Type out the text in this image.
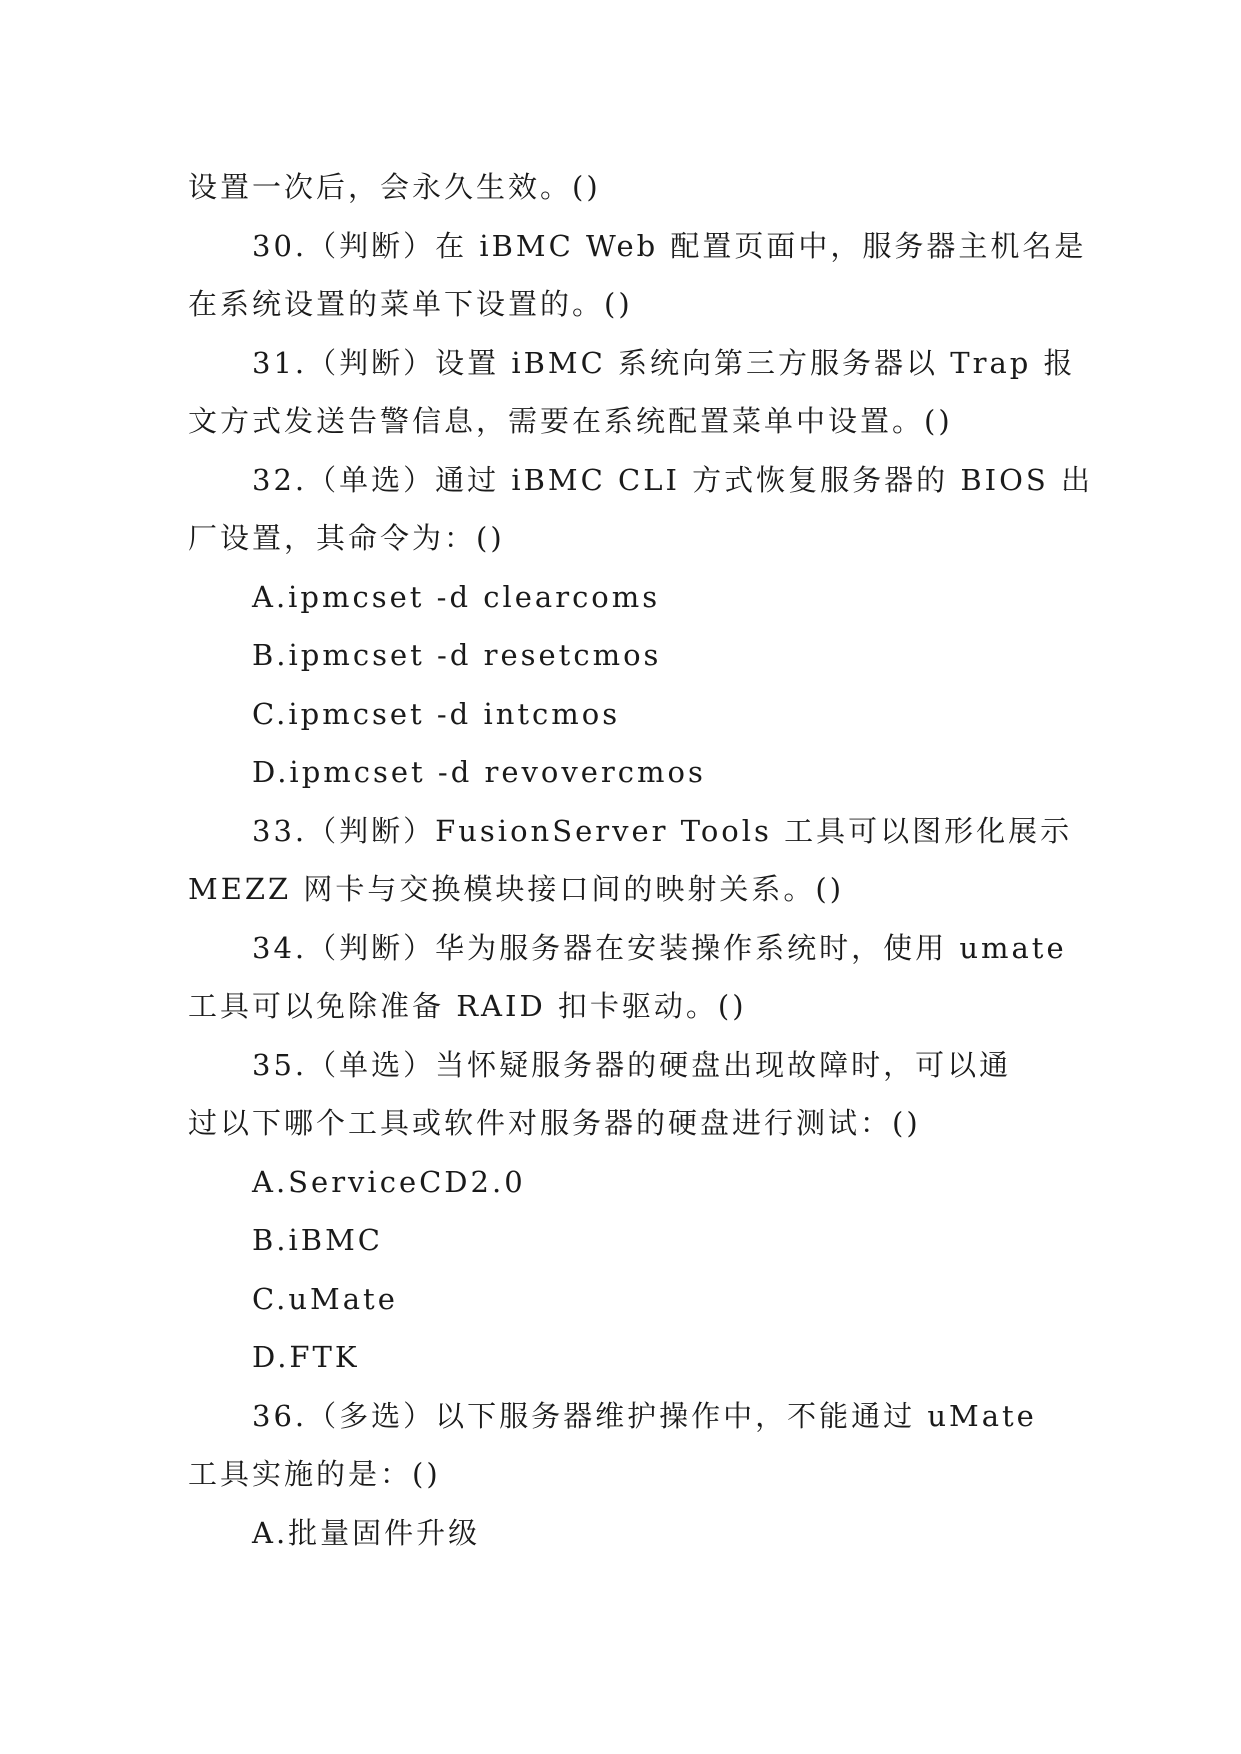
设置一次后，会永久生效。()
30.（判断）在 iBMC Web 配置页面中，服务器主机名是
在系统设置的菜单下设置的。()
31.（判断）设置 iBMC 系统向第三方服务器以 Trap 报
文方式发送告警信息，需要在系统配置菜单中设置。()
32.（单选）通过 iBMC CLI 方式恢复服务器的 BIOS 出
厂设置，其命令为：()
A.ipmcset -d clearcoms
B.ipmcset -d resetcmos
C.ipmcset -d intcmos
D.ipmcset -d revovercmos
33.（判断）FusionServer Tools 工具可以图形化展示
MEZZ 网卡与交换模块接口间的映射关系。()
34.（判断）华为服务器在安装操作系统时，使用 umate
工具可以免除准备 RAID 扣卡驱动。()
35.（单选）当怀疑服务器的硬盘出现故障时，可以通
过以下哪个工具或软件对服务器的硬盘进行测试：()
A.ServiceCD2.0
B.iBMC
C.uMate
D.FTK
36.（多选）以下服务器维护操作中，不能通过 uMate
工具实施的是：()
A.批量固件升级
